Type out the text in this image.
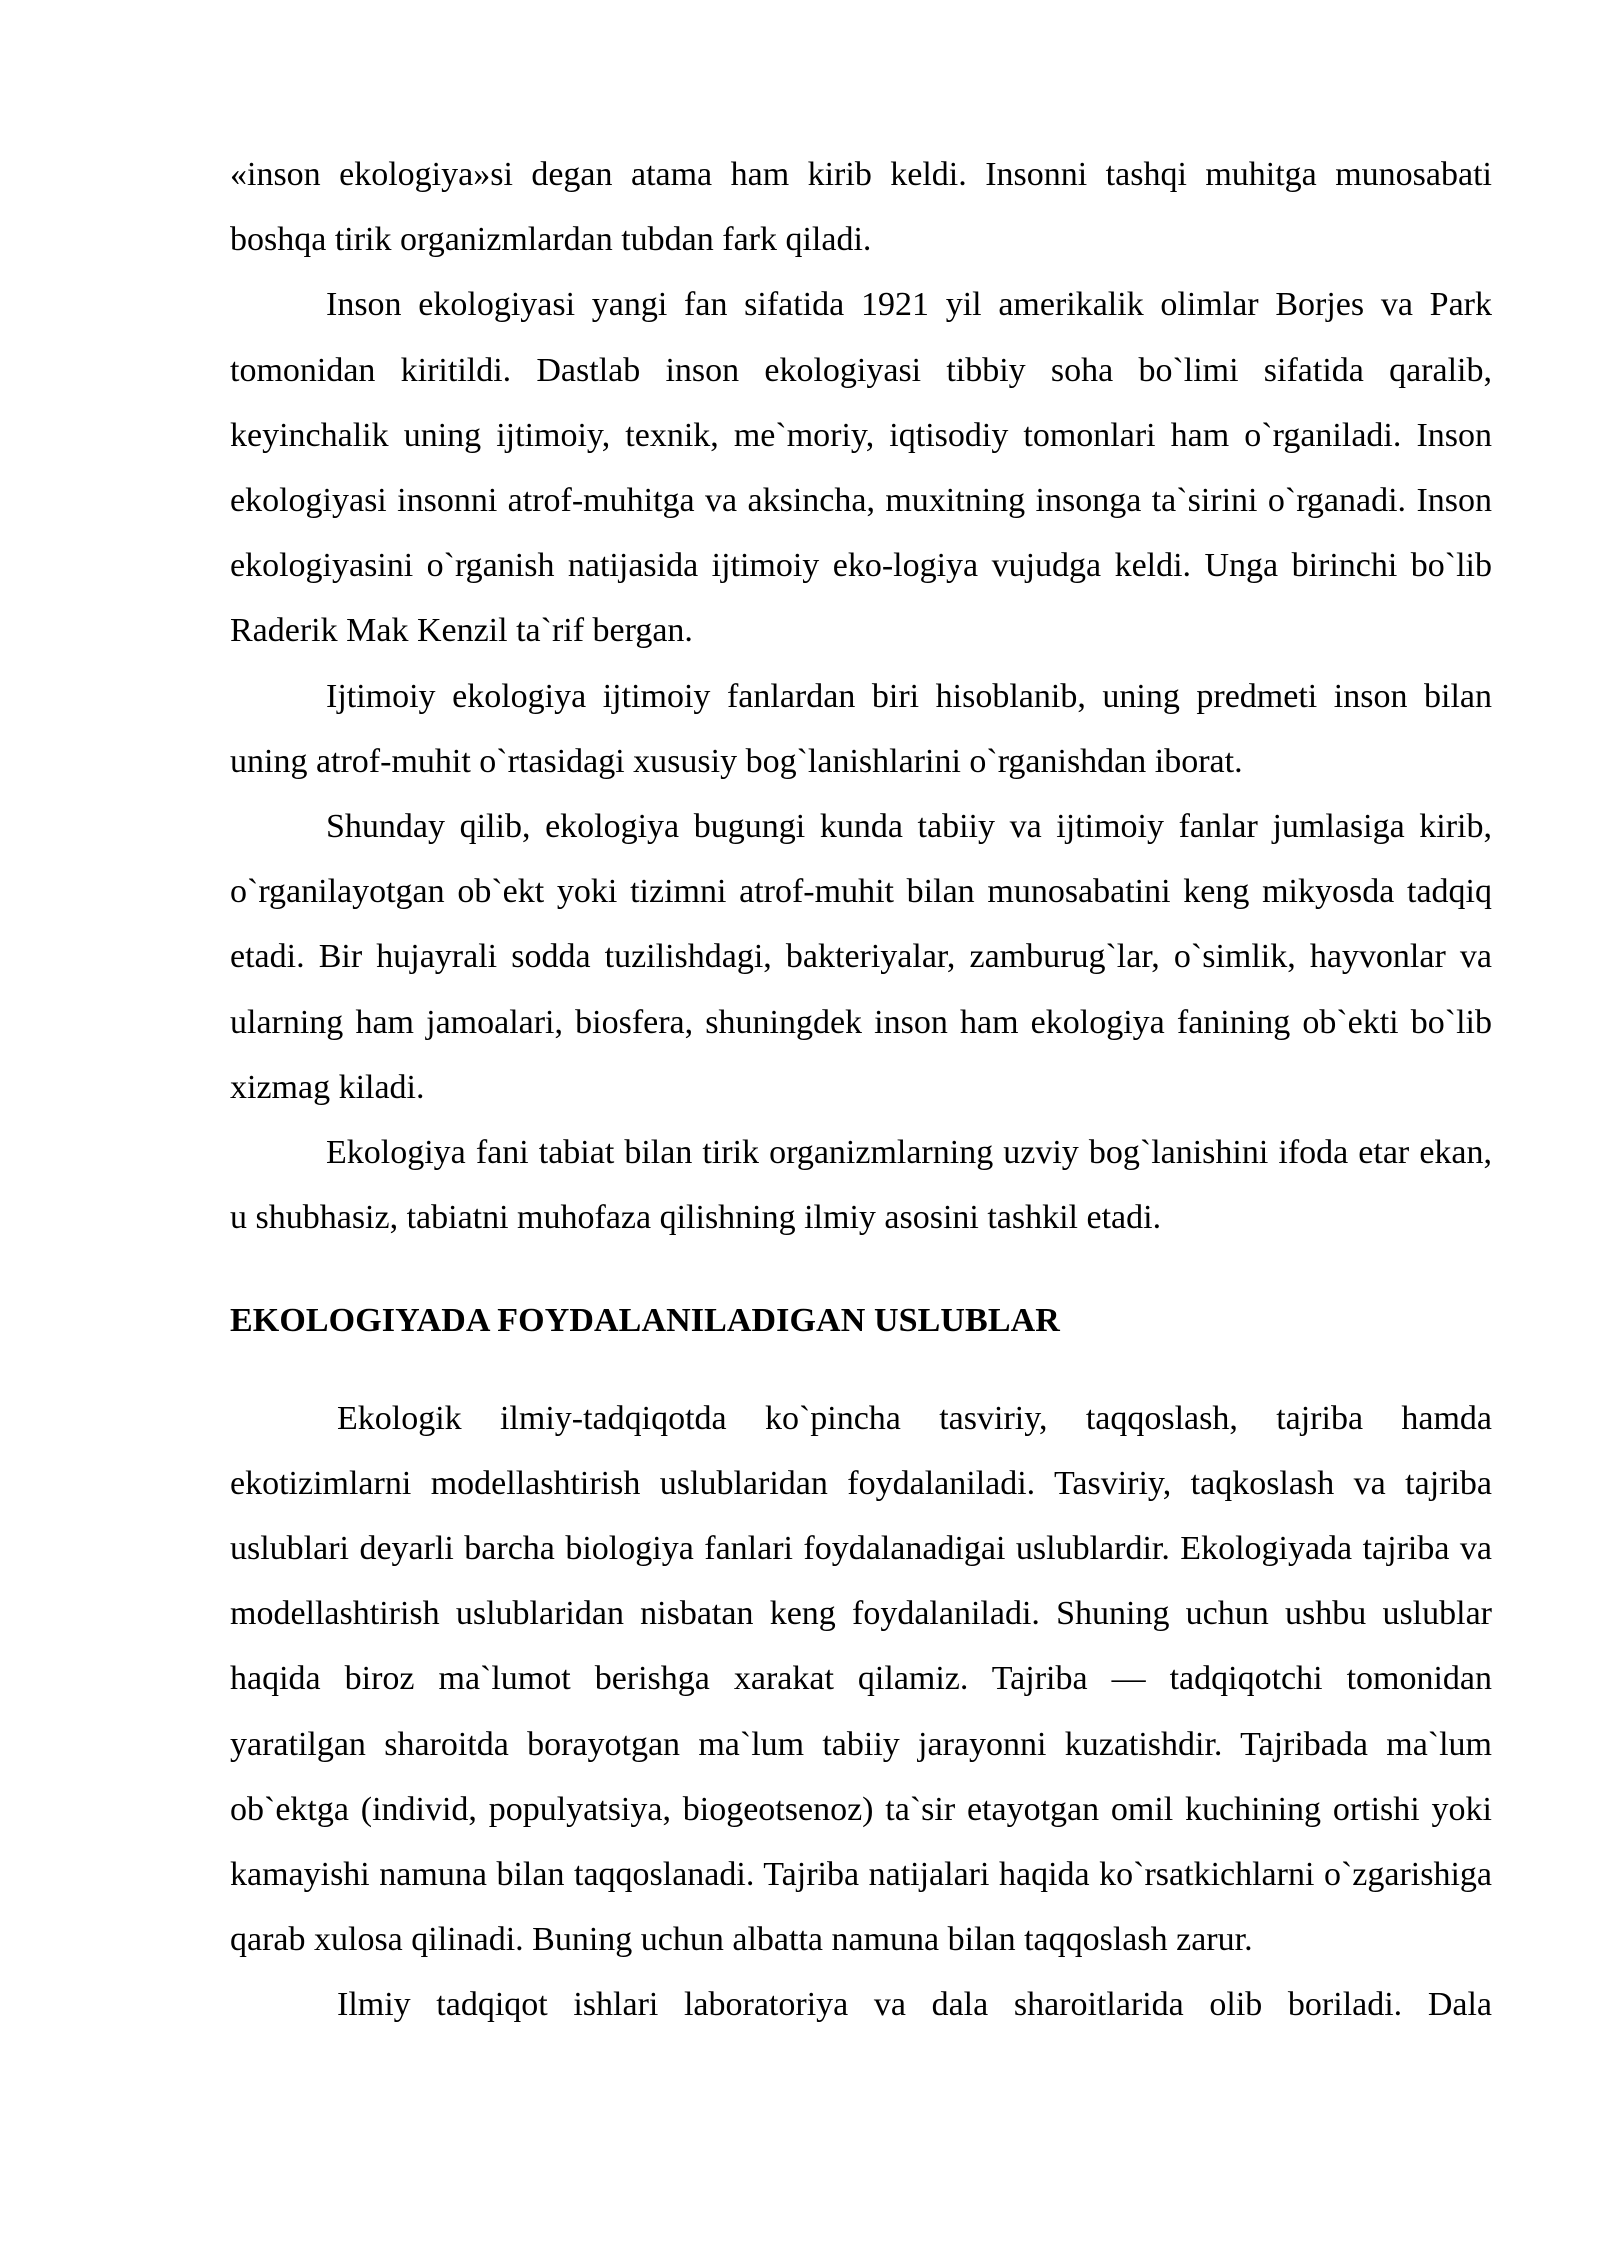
«inson ekologiya»si degan atama ham kirib keldi. Insonni tashqi muhitga munosabati boshqa tirik organizmlardan tubdan fark qiladi.

Inson ekologiyasi yangi fan sifatida 1921 yil amerikalik olimlar Borjes va Park tomonidan kiritildi. Dastlab inson ekologiyasi tibbiy soha bo`limi sifatida qaralib, keyinchalik uning ijtimoiy, texnik, me`moriy, iqtisodiy tomonlari ham o`rganiladi. Inson ekologiyasi insonni atrof-muhitga va aksincha, muxitning insonga ta`sirini o`rganadi. Inson ekologiyasini o`rganish natijasida ijtimoiy eko-logiya vujudga keldi. Unga birinchi bo`lib Raderik Mak Kenzil ta`rif bergan.

Ijtimoiy ekologiya ijtimoiy fanlardan biri hisoblanib, uning predmeti inson bilan uning atrof-muhit o`rtasidagi xususiy bog`lanishlarini o`rganishdan iborat.

Shunday qilib, ekologiya bugungi kunda tabiiy va ijtimoiy fanlar jumlasiga kirib, o`rganilayotgan ob`ekt yoki tizimni atrof-muhit bilan munosabatini keng mikyosda tadqiq etadi. Bir hujayrali sodda tuzilishdagi, bakteriyalar, zamburug`lar, o`simlik, hayvonlar va ularning ham jamoalari, biosfera, shuningdek inson ham ekologiya fanining ob`ekti bo`lib xizmag kiladi.

Ekologiya fani tabiat bilan tirik organizmlarning uzviy bog`lanishini ifoda etar ekan, u shubhasiz, tabiatni muhofaza qilishning ilmiy asosini tashkil etadi.

EKOLOGIYADA FOYDALANILADIGAN USLUBLAR

Ekologik ilmiy-tadqiqotda ko`pincha tasviriy, taqqoslash, tajriba hamda ekotizimlarni modellashtirish uslublaridan foydalaniladi. Tasviriy, taqkoslash va tajriba uslublari deyarli barcha biologiya fanlari foydalanadigai uslublardir. Ekologiyada tajriba va modellashtirish uslublaridan nisbatan keng foydalaniladi. Shuning uchun ushbu uslublar haqida biroz ma`lumot berishga xarakat qilamiz. Tajriba — tadqiqotchi tomonidan yaratilgan sharoitda borayotgan ma`lum tabiiy jarayonni kuzatishdir. Tajribada ma`lum ob`ektga (individ, populyatsiya, biogeotsenoz) ta`sir etayotgan omil kuchining ortishi yoki kamayishi namuna bilan taqqoslanadi. Tajriba natijalari haqida ko`rsatkichlarni o`zgarishiga qarab xulosa qilinadi. Buning uchun albatta namuna bilan taqqoslash zarur.

Ilmiy tadqiqot ishlari laboratoriya va dala sharoitlarida olib boriladi. Dala
